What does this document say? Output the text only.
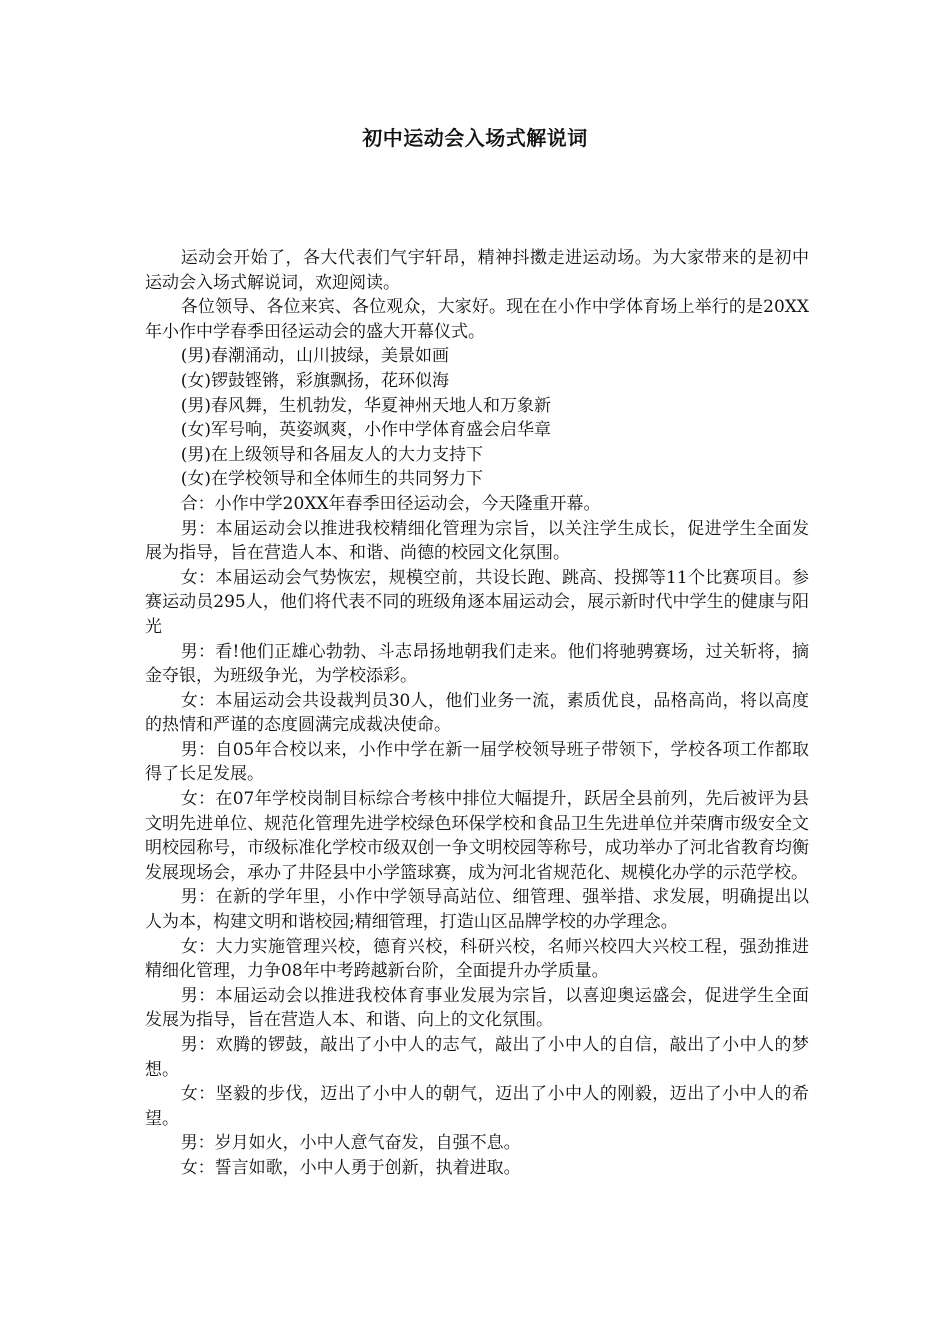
初中运动会入场式解说词

运动会开始了，各大代表们气宇轩昂，精神抖擞走进运动场。为大家带来的是初中运动会入场式解说词，欢迎阅读。

各位领导、各位来宾、各位观众，大家好。现在在小作中学体育场上举行的是20XX年小作中学春季田径运动会的盛大开幕仪式。

(男)春潮涌动，山川披绿，美景如画

(女)锣鼓铿锵，彩旗飘扬，花环似海

(男)春风舞，生机勃发，华夏神州天地人和万象新

(女)军号响，英姿飒爽，小作中学体育盛会启华章

(男)在上级领导和各届友人的大力支持下

(女)在学校领导和全体师生的共同努力下

合：小作中学20XX年春季田径运动会，今天隆重开幕。

男：本届运动会以推进我校精细化管理为宗旨，以关注学生成长，促进学生全面发展为指导，旨在营造人本、和谐、尚德的校园文化氛围。

女：本届运动会气势恢宏，规模空前，共设长跑、跳高、投掷等11个比赛项目。参赛运动员295人，他们将代表不同的班级角逐本届运动会，展示新时代中学生的健康与阳光

男：看!他们正雄心勃勃、斗志昂扬地朝我们走来。他们将驰骋赛场，过关斩将，摘金夺银，为班级争光，为学校添彩。

女：本届运动会共设裁判员30人，他们业务一流，素质优良，品格高尚，将以高度的热情和严谨的态度圆满完成裁决使命。

男：自05年合校以来，小作中学在新一届学校领导班子带领下，学校各项工作都取得了长足发展。

女：在07年学校岗制目标综合考核中排位大幅提升，跃居全县前列，先后被评为县文明先进单位、规范化管理先进学校绿色环保学校和食品卫生先进单位并荣膺市级安全文明校园称号，市级标准化学校市级双创一争文明校园等称号，成功举办了河北省教育均衡发展现场会，承办了井陉县中小学篮球赛，成为河北省规范化、规模化办学的示范学校。

男：在新的学年里，小作中学领导高站位、细管理、强举措、求发展，明确提出以人为本，构建文明和谐校园;精细管理，打造山区品牌学校的办学理念。

女：大力实施管理兴校，德育兴校，科研兴校，名师兴校四大兴校工程，强劲推进精细化管理，力争08年中考跨越新台阶，全面提升办学质量。

男：本届运动会以推进我校体育事业发展为宗旨，以喜迎奥运盛会，促进学生全面发展为指导，旨在营造人本、和谐、向上的文化氛围。

男：欢腾的锣鼓，敲出了小中人的志气，敲出了小中人的自信，敲出了小中人的梦想。

女：坚毅的步伐，迈出了小中人的朝气，迈出了小中人的刚毅，迈出了小中人的希望。

男：岁月如火，小中人意气奋发，自强不息。

女：誓言如歌，小中人勇于创新，执着进取。
